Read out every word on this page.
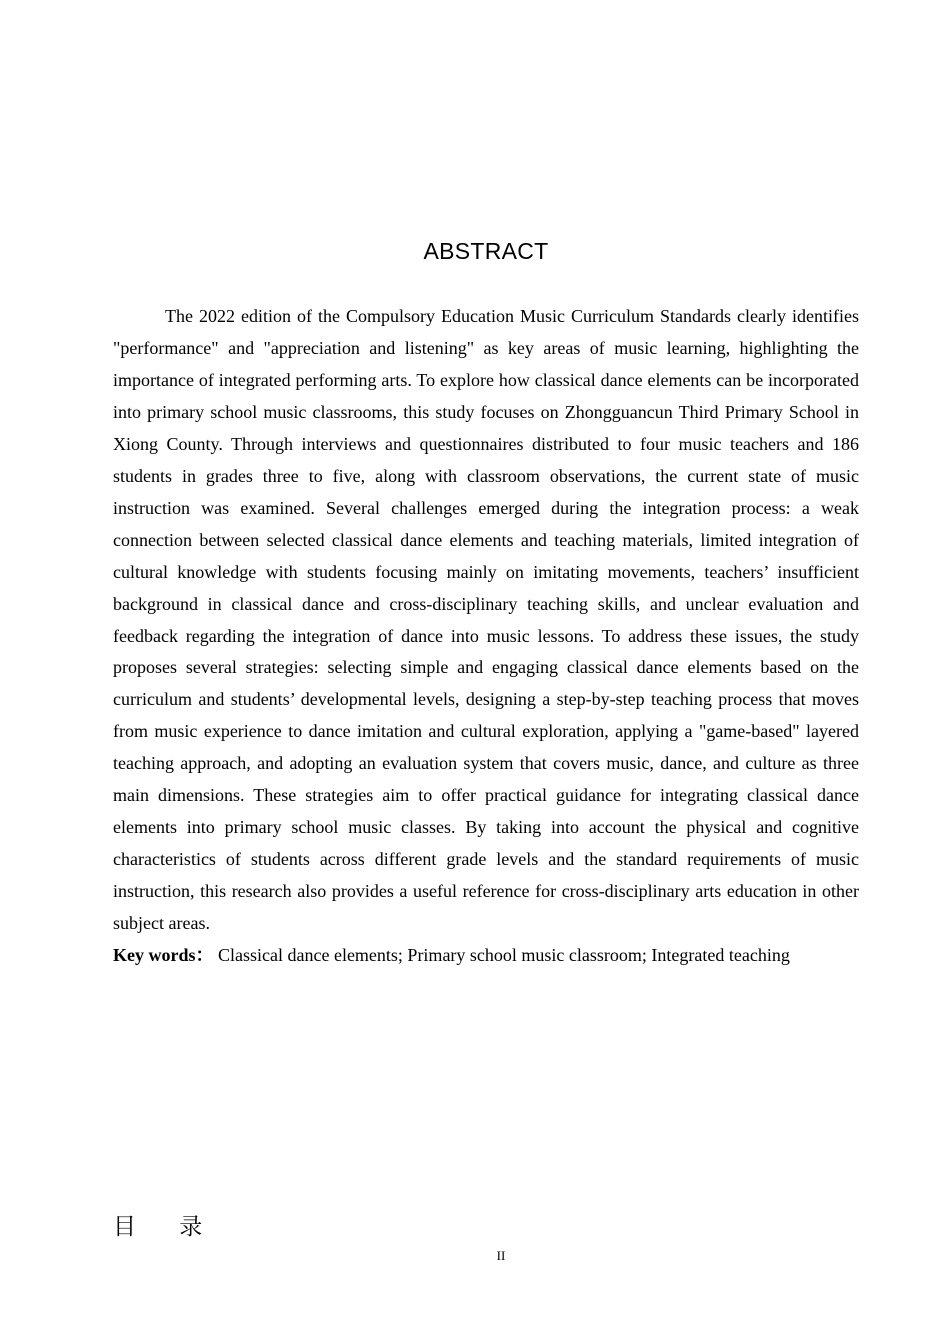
ABSTRACT

The 2022 edition of the Compulsory Education Music Curriculum Standards clearly identifies "performance" and "appreciation and listening" as key areas of music learning, highlighting the importance of integrated performing arts. To explore how classical dance elements can be incorporated into primary school music classrooms, this study focuses on Zhongguancun Third Primary School in Xiong County. Through interviews and questionnaires distributed to four music teachers and 186 students in grades three to five, along with classroom observations, the current state of music instruction was examined. Several challenges emerged during the integration process: a weak connection between selected classical dance elements and teaching materials, limited integration of cultural knowledge with students focusing mainly on imitating movements, teachers’ insufficient background in classical dance and cross-disciplinary teaching skills, and unclear evaluation and feedback regarding the integration of dance into music lessons. To address these issues, the study proposes several strategies: selecting simple and engaging classical dance elements based on the curriculum and students’ developmental levels, designing a step-by-step teaching process that moves from music experience to dance imitation and cultural exploration, applying a "game-based" layered teaching approach, and adopting an evaluation system that covers music, dance, and culture as three main dimensions. These strategies aim to offer practical guidance for integrating classical dance elements into primary school music classes. By taking into account the physical and cognitive characteristics of students across different grade levels and the standard requirements of music instruction, this research also provides a useful reference for cross-disciplinary arts education in other subject areas.

Key words： Classical dance elements; Primary school music classroom; Integrated teaching

目 录
II
